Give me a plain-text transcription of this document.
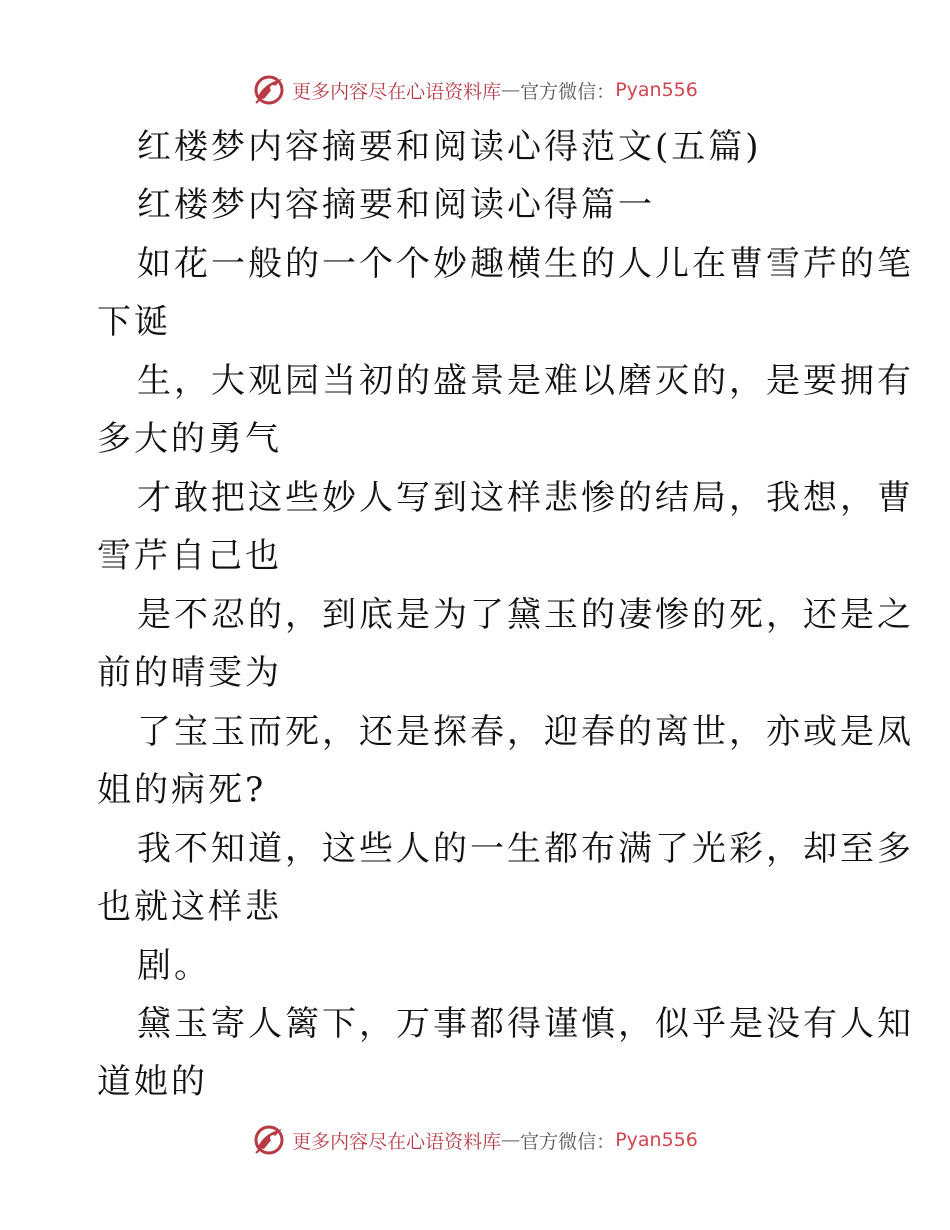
更多内容尽在心语资料库 — 官方微信： Pyan556
红楼梦内容摘要和阅读心得范文(五篇)
红楼梦内容摘要和阅读心得篇一
如花一般的一个个妙趣横生的人儿在曹雪芹的笔
下诞
生，大观园当初的盛景是难以磨灭的，是要拥有
多大的勇气
才敢把这些妙人写到这样悲惨的结局，我想，曹
雪芹自己也
是不忍的，到底是为了黛玉的凄惨的死，还是之
前的晴雯为
了宝玉而死，还是探春，迎春的离世，亦或是凤
姐的病死?
我不知道，这些人的一生都布满了光彩，却至多
也就这样悲
剧。
黛玉寄人篱下，万事都得谨慎，似乎是没有人知
道她的
更多内容尽在心语资料库 — 官方微信： Pyan556
